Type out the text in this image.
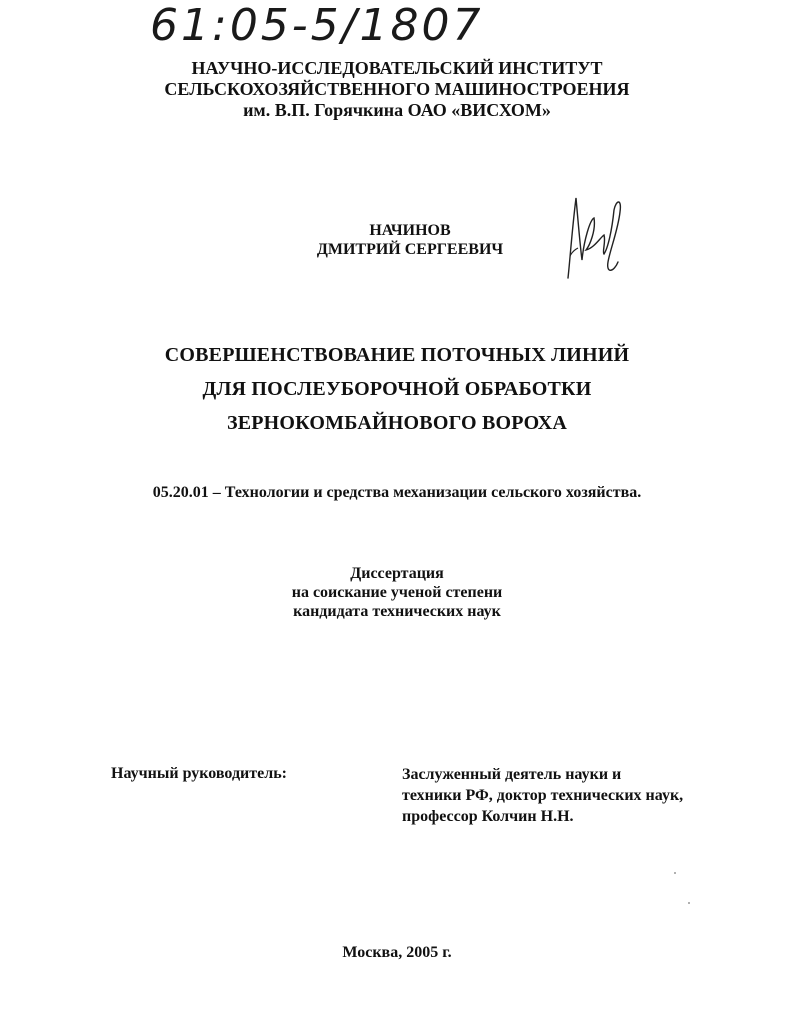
61:05-5/1807
НАУЧНО-ИССЛЕДОВАТЕЛЬСКИЙ ИНСТИТУТ
СЕЛЬСКОХОЗЯЙСТВЕННОГО МАШИНОСТРОЕНИЯ
им. В.П. Горячкина ОАО «ВИСХОМ»
НАЧИНОВ
ДМИТРИЙ СЕРГЕЕВИЧ
СОВЕРШЕНСТВОВАНИЕ ПОТОЧНЫХ ЛИНИЙ
ДЛЯ ПОСЛЕУБОРОЧНОЙ ОБРАБОТКИ
ЗЕРНОКОМБАЙНОВОГО ВОРОХА
05.20.01 – Технологии и средства механизации сельского хозяйства.
Диссертация
на соискание ученой степени
кандидата технических наук
Научный руководитель:	Заслуженный деятель науки и
техники РФ, доктор технических наук,
профессор Колчин Н.Н.
Москва, 2005 г.
